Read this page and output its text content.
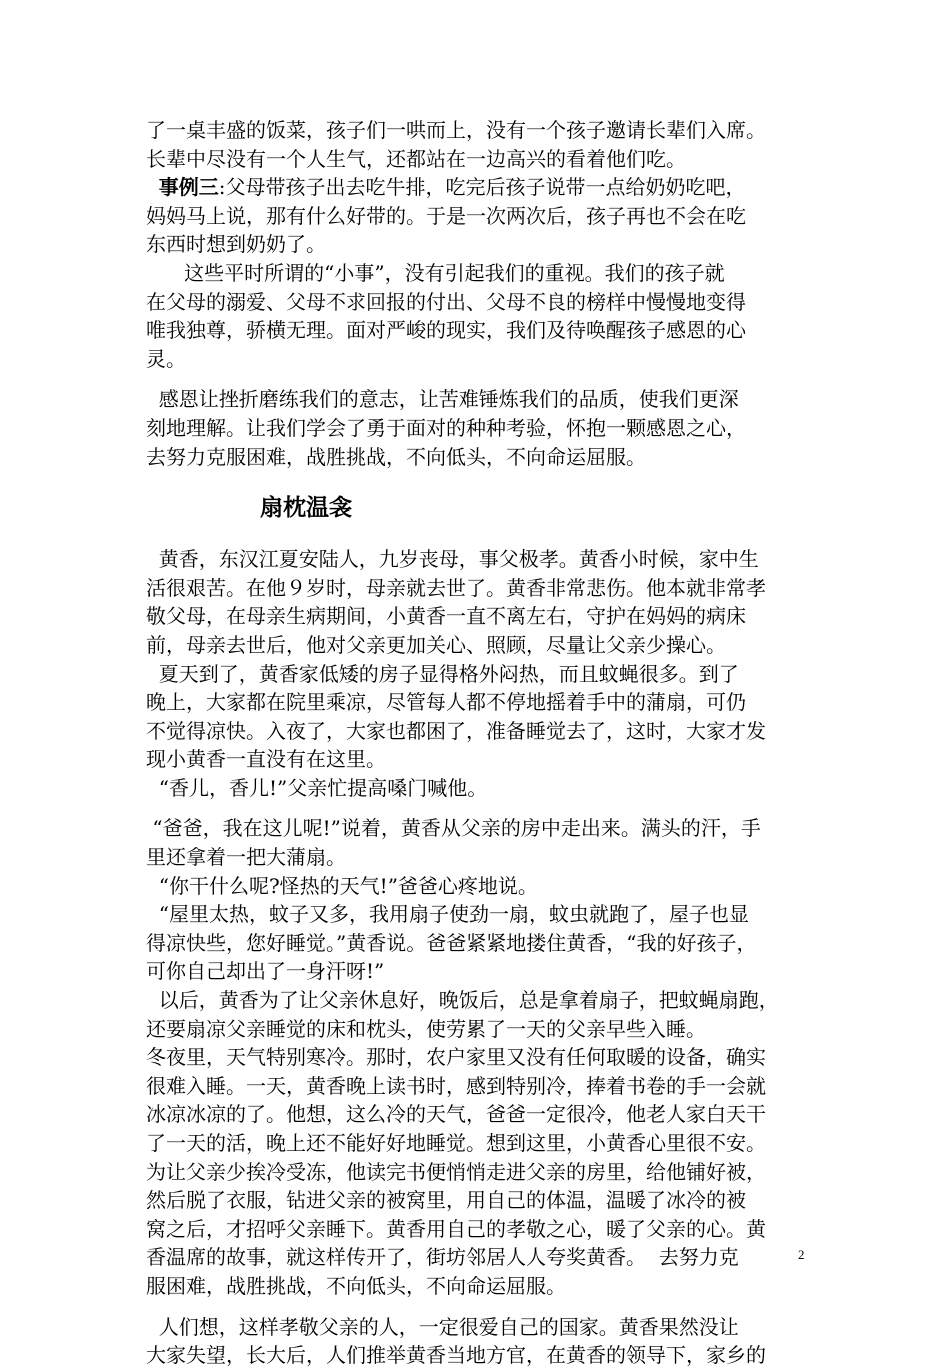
了一桌丰盛的饭菜，孩子们一哄而上，没有一个孩子邀请长辈们入席。
长辈中尽没有一个人生气，还都站在一边高兴的看着他们吃。
事例三:父母带孩子出去吃牛排，吃完后孩子说带一点给奶奶吃吧，
妈妈马上说，那有什么好带的。于是一次两次后，孩子再也不会在吃
东西时想到奶奶了。
这些平时所谓的“小事”，没有引起我们的重视。我们的孩子就
在父母的溺爱、父母不求回报的付出、父母不良的榜样中慢慢地变得
唯我独尊，骄横无理。面对严峻的现实，我们及待唤醒孩子感恩的心
灵。
感恩让挫折磨练我们的意志，让苦难锤炼我们的品质，使我们更深
刻地理解。让我们学会了勇于面对的种种考验，怀抱一颗感恩之心，
去努力克服困难，战胜挑战，不向低头，不向命运屈服。
扇枕温衾
黄香，东汉江夏安陆人，九岁丧母，事父极孝。黄香小时候，家中生
活很艰苦。在他９岁时，母亲就去世了。黄香非常悲伤。他本就非常孝
敬父母，在母亲生病期间，小黄香一直不离左右，守护在妈妈的病床
前，母亲去世后，他对父亲更加关心、照顾，尽量让父亲少操心。
夏天到了，黄香家低矮的房子显得格外闷热，而且蚊蝇很多。到了
晚上，大家都在院里乘凉，尽管每人都不停地摇着手中的蒲扇，可仍
不觉得凉快。入夜了，大家也都困了，准备睡觉去了，这时，大家才发
现小黄香一直没有在这里。
“香儿，香儿!”父亲忙提高嗓门喊他。
“爸爸，我在这儿呢!”说着，黄香从父亲的房中走出来。满头的汗，手
里还拿着一把大蒲扇。
“你干什么呢?怪热的天气!”爸爸心疼地说。
“屋里太热，蚊子又多，我用扇子使劲一扇，蚊虫就跑了，屋子也显
得凉快些，您好睡觉。”黄香说。爸爸紧紧地搂住黄香，“我的好孩子，
可你自己却出了一身汗呀!”
以后，黄香为了让父亲休息好，晚饭后，总是拿着扇子，把蚊蝇扇跑，
还要扇凉父亲睡觉的床和枕头，使劳累了一天的父亲早些入睡。
冬夜里，天气特别寒冷。那时，农户家里又没有任何取暖的设备，确实
很难入睡。一天，黄香晚上读书时，感到特别冷，捧着书卷的手一会就
冰凉冰凉的了。他想，这么冷的天气，爸爸一定很冷，他老人家白天干
了一天的活，晚上还不能好好地睡觉。想到这里，小黄香心里很不安。
为让父亲少挨冷受冻，他读完书便悄悄走进父亲的房里，给他铺好被，
然后脱了衣服，钻进父亲的被窝里，用自己的体温，温暖了冰冷的被
窝之后，才招呼父亲睡下。黄香用自己的孝敬之心，暖了父亲的心。黄
香温席的故事，就这样传开了，街坊邻居人人夸奖黄香。  去努力克
服困难，战胜挑战，不向低头，不向命运屈服。
人们想，这样孝敬父亲的人，一定很爱自己的国家。黄香果然没让
大家失望，长大后，人们推举黄香当地方官，在黄香的领导下，家乡的
2
